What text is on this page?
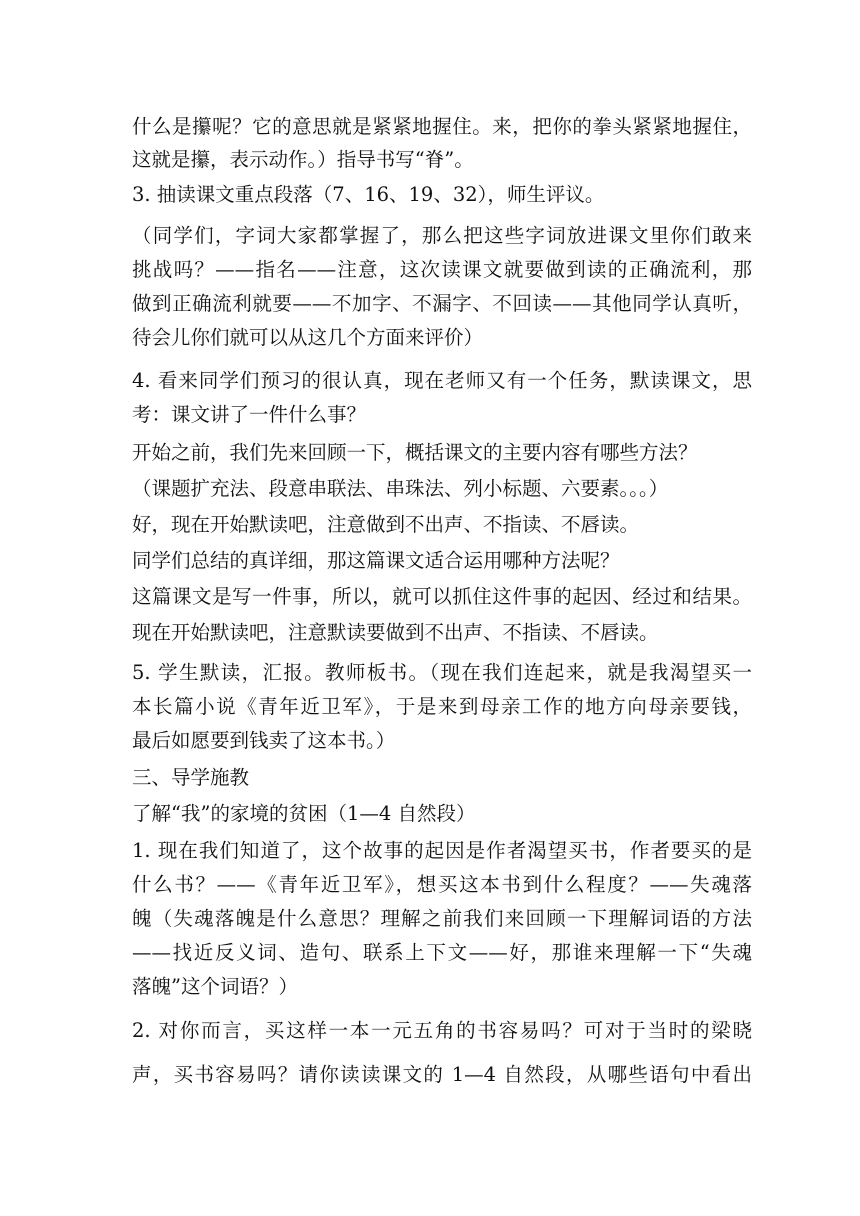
什么是攥呢？它的意思就是紧紧地握住。来，把你的拳头紧紧地握住，
这就是攥，表示动作。）指导书写“脊”。
3. 抽读课文重点段落（7、16、19、32），师生评议。
（同学们，字词大家都掌握了，那么把这些字词放进课文里你们敢来
挑战吗？——指名——注意，这次读课文就要做到读的正确流利，那
做到正确流利就要——不加字、不漏字、不回读——其他同学认真听，
待会儿你们就可以从这几个方面来评价）
4. 看来同学们预习的很认真，现在老师又有一个任务，默读课文，思
考：课文讲了一件什么事？
开始之前，我们先来回顾一下，概括课文的主要内容有哪些方法？
（课题扩充法、段意串联法、串珠法、列小标题、六要素。。。）
好，现在开始默读吧，注意做到不出声、不指读、不唇读。
同学们总结的真详细，那这篇课文适合运用哪种方法呢？
这篇课文是写一件事，所以，就可以抓住这件事的起因、经过和结果。
现在开始默读吧，注意默读要做到不出声、不指读、不唇读。
5. 学生默读，汇报。教师板书。（现在我们连起来，就是我渴望买一
本长篇小说《青年近卫军》，于是来到母亲工作的地方向母亲要钱，
最后如愿要到钱卖了这本书。）
三、导学施教
了解“我”的家境的贫困（1—4 自然段）
1. 现在我们知道了，这个故事的起因是作者渴望买书，作者要买的是
什么书？——《青年近卫军》，想买这本书到什么程度？——失魂落
魄（失魂落魄是什么意思？理解之前我们来回顾一下理解词语的方法
——找近反义词、造句、联系上下文——好，那谁来理解一下“失魂
落魄”这个词语？）
2. 对你而言，买这样一本一元五角的书容易吗？可对于当时的梁晓
声，买书容易吗？请你读读课文的 1—4 自然段，从哪些语句中看出
